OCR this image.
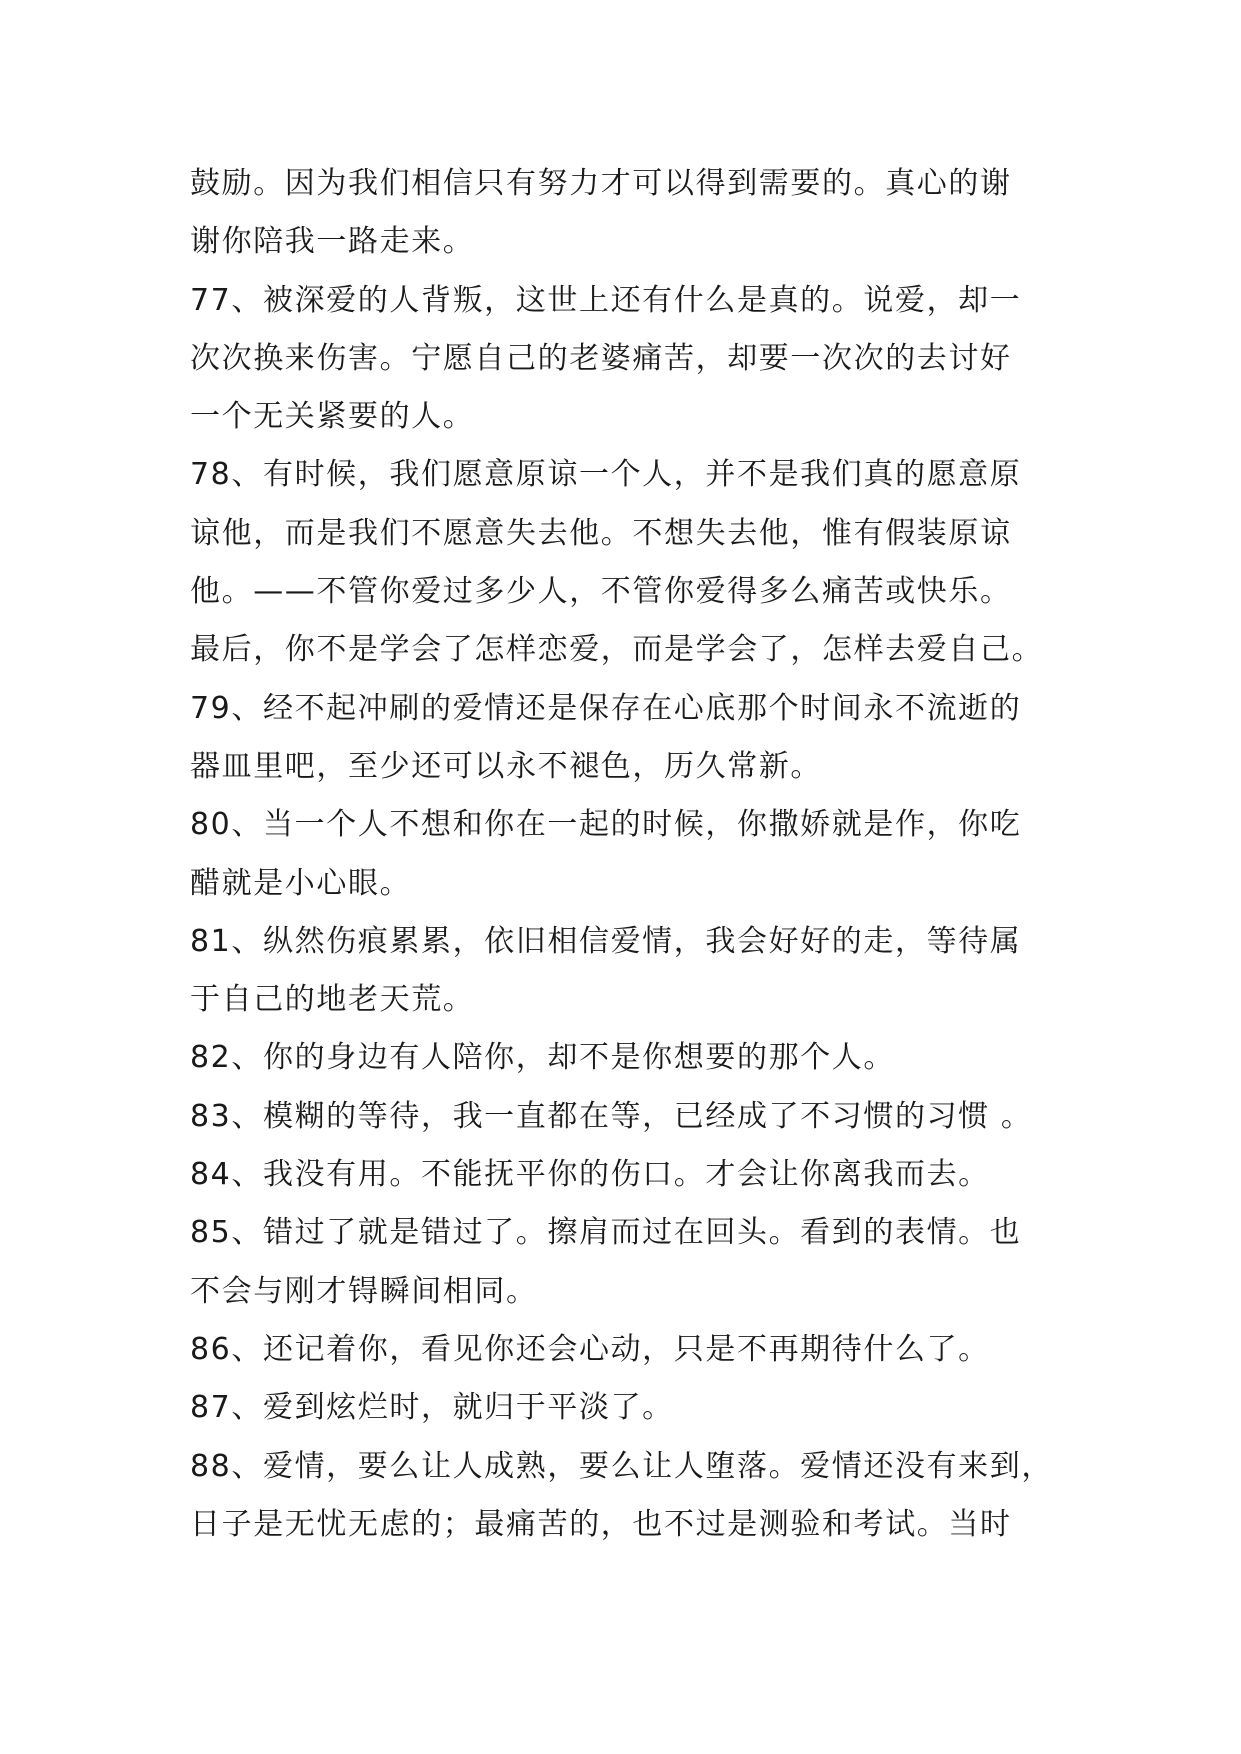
鼓励。因为我们相信只有努力才可以得到需要的。真心的谢
谢你陪我一路走来。
77、被深爱的人背叛，这世上还有什么是真的。说爱，却一
次次换来伤害。宁愿自己的老婆痛苦，却要一次次的去讨好
一个无关紧要的人。
78、有时候，我们愿意原谅一个人，并不是我们真的愿意原
谅他，而是我们不愿意失去他。不想失去他，惟有假装原谅
他。——不管你爱过多少人，不管你爱得多么痛苦或快乐。
最后，你不是学会了怎样恋爱，而是学会了，怎样去爱自己。
79、经不起冲刷的爱情还是保存在心底那个时间永不流逝的
器皿里吧，至少还可以永不褪色，历久常新。
80、当一个人不想和你在一起的时候，你撒娇就是作，你吃
醋就是小心眼。
81、纵然伤痕累累，依旧相信爱情，我会好好的走，等待属
于自己的地老天荒。
82、你的身边有人陪你，却不是你想要的那个人。
83、模糊的等待，我一直都在等，已经成了不习惯的习惯 。
84、我没有用。不能抚平你的伤口。才会让你离我而去。
85、错过了就是错过了。擦肩而过在回头。看到的表情。也
不会与刚才锝瞬间相同。
86、还记着你，看见你还会心动，只是不再期待什么了。
87、爱到炫烂时，就归于平淡了。
88、爱情，要么让人成熟，要么让人堕落。爱情还没有来到，
日子是无忧无虑的；最痛苦的，也不过是测验和考试。当时
